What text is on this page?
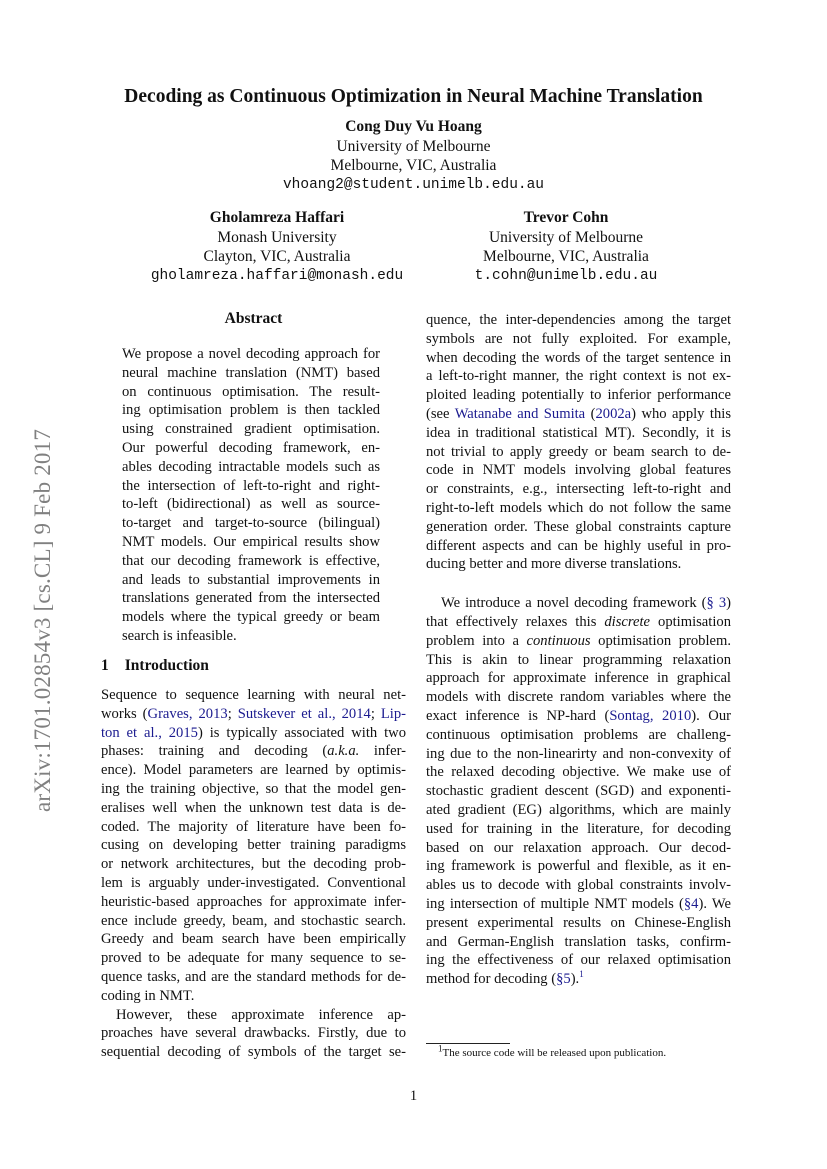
arXiv:1701.02854v3 [cs.CL] 9 Feb 2017
Decoding as Continuous Optimization in Neural Machine Translation
Cong Duy Vu Hoang
University of Melbourne
Melbourne, VIC, Australia
vhoang2@student.unimelb.edu.au
Gholamreza Haffari
Monash University
Clayton, VIC, Australia
gholamreza.haffari@monash.edu
Trevor Cohn
University of Melbourne
Melbourne, VIC, Australia
t.cohn@unimelb.edu.au
Abstract
We propose a novel decoding approach for
neural machine translation (NMT) based
on continuous optimisation. The result-
ing optimisation problem is then tackled
using constrained gradient optimisation.
Our powerful decoding framework, en-
ables decoding intractable models such as
the intersection of left-to-right and right-
to-left (bidirectional) as well as source-
to-target and target-to-source (bilingual)
NMT models. Our empirical results show
that our decoding framework is effective,
and leads to substantial improvements in
translations generated from the intersected
models where the typical greedy or beam
search is infeasible.
1 Introduction
Sequence to sequence learning with neural net-
works (Graves, 2013; Sutskever et al., 2014; Lip-
ton et al., 2015) is typically associated with two
phases: training and decoding (a.k.a. infer-
ence). Model parameters are learned by optimis-
ing the training objective, so that the model gen-
eralises well when the unknown test data is de-
coded. The majority of literature have been fo-
cusing on developing better training paradigms
or network architectures, but the decoding prob-
lem is arguably under-investigated. Conventional
heuristic-based approaches for approximate infer-
ence include greedy, beam, and stochastic search.
Greedy and beam search have been empirically
proved to be adequate for many sequence to se-
quence tasks, and are the standard methods for de-
coding in NMT.
However, these approximate inference ap-
proaches have several drawbacks. Firstly, due to
sequential decoding of symbols of the target se-
quence, the inter-dependencies among the target
symbols are not fully exploited. For example,
when decoding the words of the target sentence in
a left-to-right manner, the right context is not ex-
ploited leading potentially to inferior performance
(see Watanabe and Sumita (2002a) who apply this
idea in traditional statistical MT). Secondly, it is
not trivial to apply greedy or beam search to de-
code in NMT models involving global features
or constraints, e.g., intersecting left-to-right and
right-to-left models which do not follow the same
generation order. These global constraints capture
different aspects and can be highly useful in pro-
ducing better and more diverse translations.
We introduce a novel decoding framework (§ 3)
that effectively relaxes this discrete optimisation
problem into a continuous optimisation problem.
This is akin to linear programming relaxation
approach for approximate inference in graphical
models with discrete random variables where the
exact inference is NP-hard (Sontag, 2010). Our
continuous optimisation problems are challeng-
ing due to the non-linearirty and non-convexity of
the relaxed decoding objective. We make use of
stochastic gradient descent (SGD) and exponenti-
ated gradient (EG) algorithms, which are mainly
used for training in the literature, for decoding
based on our relaxation approach. Our decod-
ing framework is powerful and flexible, as it en-
ables us to decode with global constraints involv-
ing intersection of multiple NMT models (§4). We
present experimental results on Chinese-English
and German-English translation tasks, confirm-
ing the effectiveness of our relaxed optimisation
method for decoding (§5).$^1$
$^1$The source code will be released upon publication.
1
